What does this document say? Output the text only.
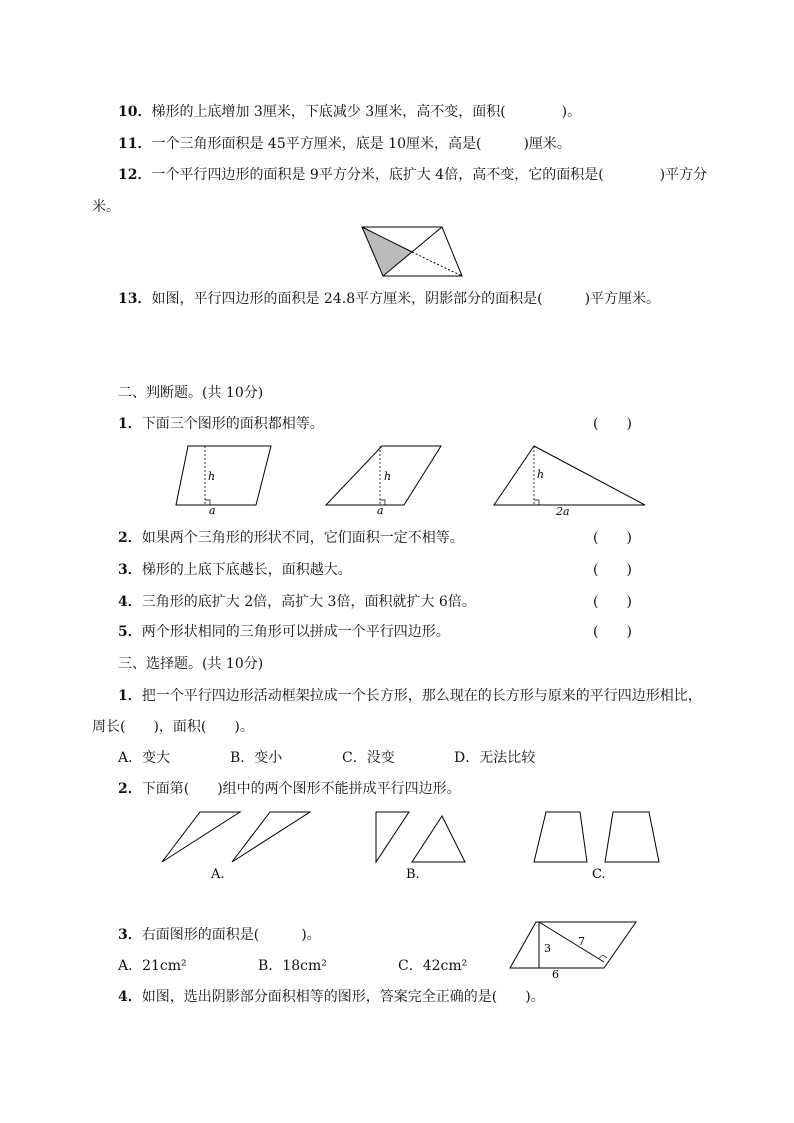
10．梯形的上底增加 3厘米，下底减少 3厘米，高不变，面积(　　　　)。
11．一个三角形面积是 45平方厘米，底是 10厘米，高是(　　　)厘米。
12．一个平行四边形的面积是 9平方分米，底扩大 4倍，高不变，它的面积是(　　　　)平方分
米。
13．如图，平行四边形的面积是 24.8平方厘米，阴影部分的面积是(　　　)平方厘米。
二、判断题。(共 10分)
1．下面三个图形的面积都相等。	(　　)
h
a
h
a
h
2a
2．如果两个三角形的形状不同，它们面积一定不相等。	(　　)
3．梯形的上底下底越长，面积越大。	(　　)
4．三角形的底扩大 2倍，高扩大 3倍，面积就扩大 6倍。	(　　)
5．两个形状相同的三角形可以拼成一个平行四边形。	(　　)
三、选择题。(共 10分)
1．把一个平行四边形活动框架拉成一个长方形，那么现在的长方形与原来的平行四边形相比，
周长(　　)，面积(　　)。
A．变大	B．变小	C．没变	D．无法比较
2．下面第(　　)组中的两个图形不能拼成平行四边形。
A.	B.	C.
3．右面图形的面积是(　　　)。
3
7
6
A．21cm²	B．18cm²	C．42cm²
4．如图，选出阴影部分面积相等的图形，答案完全正确的是(　　)。
